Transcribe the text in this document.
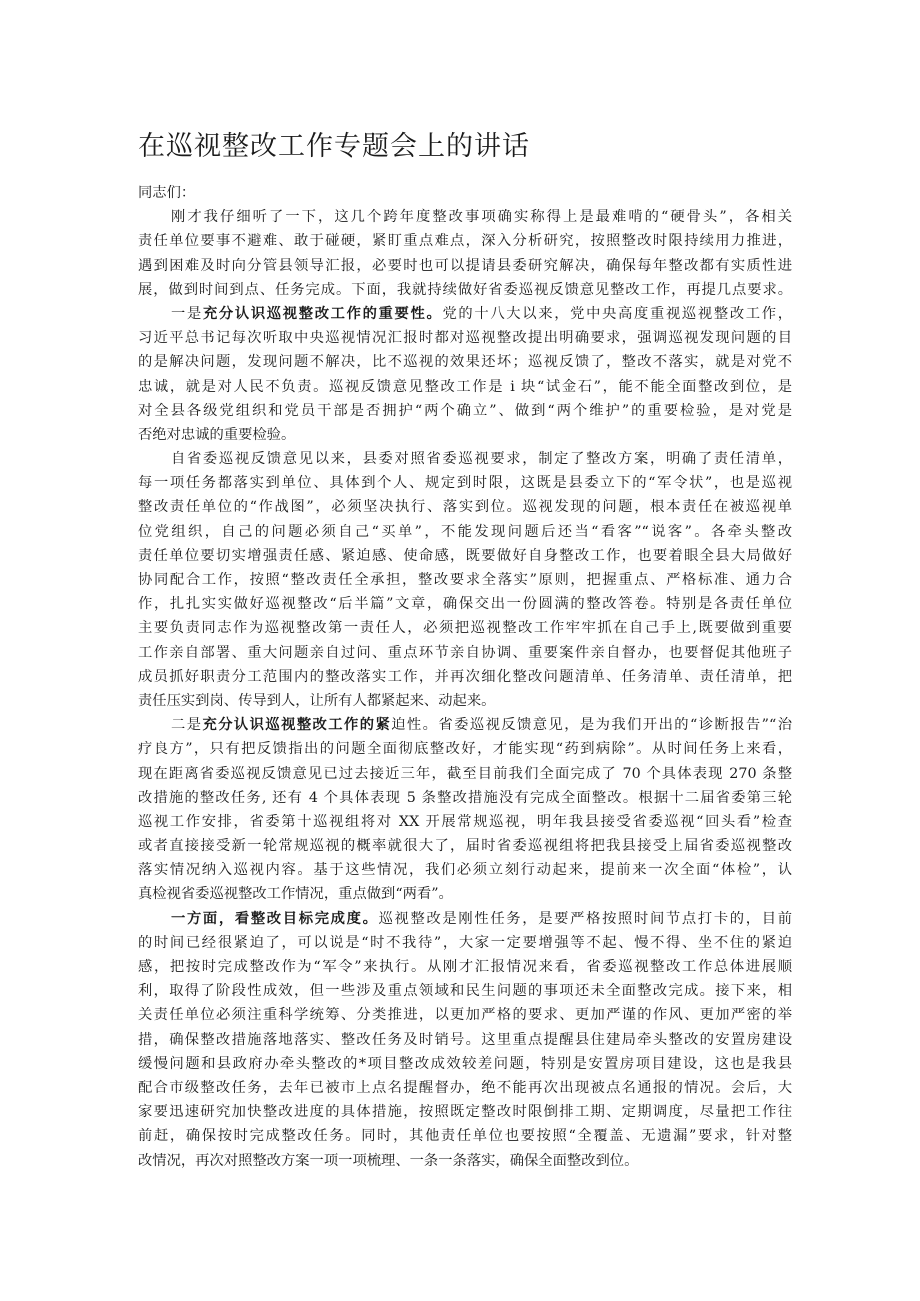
在巡视整改工作专题会上的讲话
同志们：
刚才我仔细听了一下，这几个跨年度整改事项确实称得上是最难啃的“硬骨头”，各相关
责任单位要事不避难、敢于碰硬，紧盯重点难点，深入分析研究，按照整改时限持续用力推进，
遇到困难及时向分管县领导汇报，必要时也可以提请县委研究解决，确保每年整改都有实质性进
展，做到时间到点、任务完成。下面，我就持续做好省委巡视反馈意见整改工作，再提几点要求。
一是充分认识巡视整改工作的重要性。党的十八大以来，党中央高度重视巡视整改工作，
习近平总书记每次听取中央巡视情况汇报时都对巡视整改提出明确要求，强调巡视发现问题的目
的是解决问题，发现问题不解决，比不巡视的效果还坏；巡视反馈了，整改不落实，就是对党不
忠诚，就是对人民不负责。巡视反馈意见整改工作是 i 块“试金石”，能不能全面整改到位，是
对全县各级党组织和党员干部是否拥护“两个确立”、做到“两个维护”的重要检验，是对党是
否绝对忠诚的重要检验。
自省委巡视反馈意见以来，县委对照省委巡视要求，制定了整改方案，明确了责任清单，
每一项任务都落实到单位、具体到个人、规定到时限，这既是县委立下的“军令状”，也是巡视
整改责任单位的“作战图”，必须坚决执行、落实到位。巡视发现的问题，根本责任在被巡视单
位党组织，自己的问题必须自己“买单”，不能发现问题后还当“看客”“说客”。各牵头整改
责任单位要切实增强责任感、紧迫感、使命感，既要做好自身整改工作，也要着眼全县大局做好
协同配合工作，按照“整改责任全承担，整改要求全落实”原则，把握重点、严格标准、通力合
作，扎扎实实做好巡视整改“后半篇”文章，确保交出一份圆满的整改答卷。特别是各责任单位
主要负责同志作为巡视整改第一责任人，必须把巡视整改工作牢牢抓在自己手上,既要做到重要
工作亲自部署、重大问题亲自过问、重点环节亲自协调、重要案件亲自督办，也要督促其他班子
成员抓好职责分工范围内的整改落实工作，并再次细化整改问题清单、任务清单、责任清单，把
责任压实到岗、传导到人，让所有人都紧起来、动起来。
二是充分认识巡视整改工作的紧迫性。省委巡视反馈意见，是为我们开出的“诊断报告”“治
疗良方”，只有把反馈指出的问题全面彻底整改好，才能实现“药到病除”。从时间任务上来看，
现在距离省委巡视反馈意见已过去接近三年，截至目前我们全面完成了 70 个具体表现 270 条整
改措施的整改任务, 还有 4 个具体表现 5 条整改措施没有完成全面整改。根据十二届省委第三轮
巡视工作安排，省委第十巡视组将对 XX 开展常规巡视，明年我县接受省委巡视“回头看”检查
或者直接接受新一轮常规巡视的概率就很大了，届时省委巡视组将把我县接受上届省委巡视整改
落实情况纳入巡视内容。基于这些情况，我们必须立刻行动起来，提前来一次全面“体检”，认
真检视省委巡视整改工作情况，重点做到“两看”。
一方面，看整改目标完成度。巡视整改是刚性任务，是要严格按照时间节点打卡的，目前
的时间已经很紧迫了，可以说是“时不我待”，大家一定要增强等不起、慢不得、坐不住的紧迫
感，把按时完成整改作为“军令”来执行。从刚才汇报情况来看，省委巡视整改工作总体进展顺
利，取得了阶段性成效，但一些涉及重点领域和民生问题的事项还未全面整改完成。接下来，相
关责任单位必须注重科学统筹、分类推进，以更加严格的要求、更加严谨的作风、更加严密的举
措，确保整改措施落地落实、整改任务及时销号。这里重点提醒县住建局牵头整改的安置房建设
缓慢问题和县政府办牵头整改的*项目整改成效较差问题，特别是安置房项目建设，这也是我县
配合市级整改任务，去年已被市上点名提醒督办，绝不能再次出现被点名通报的情况。会后，大
家要迅速研究加快整改进度的具体措施，按照既定整改时限倒排工期、定期调度，尽量把工作往
前赶，确保按时完成整改任务。同时，其他责任单位也要按照“全覆盖、无遗漏”要求，针对整
改情况，再次对照整改方案一项一项梳理、一条一条落实，确保全面整改到位。
